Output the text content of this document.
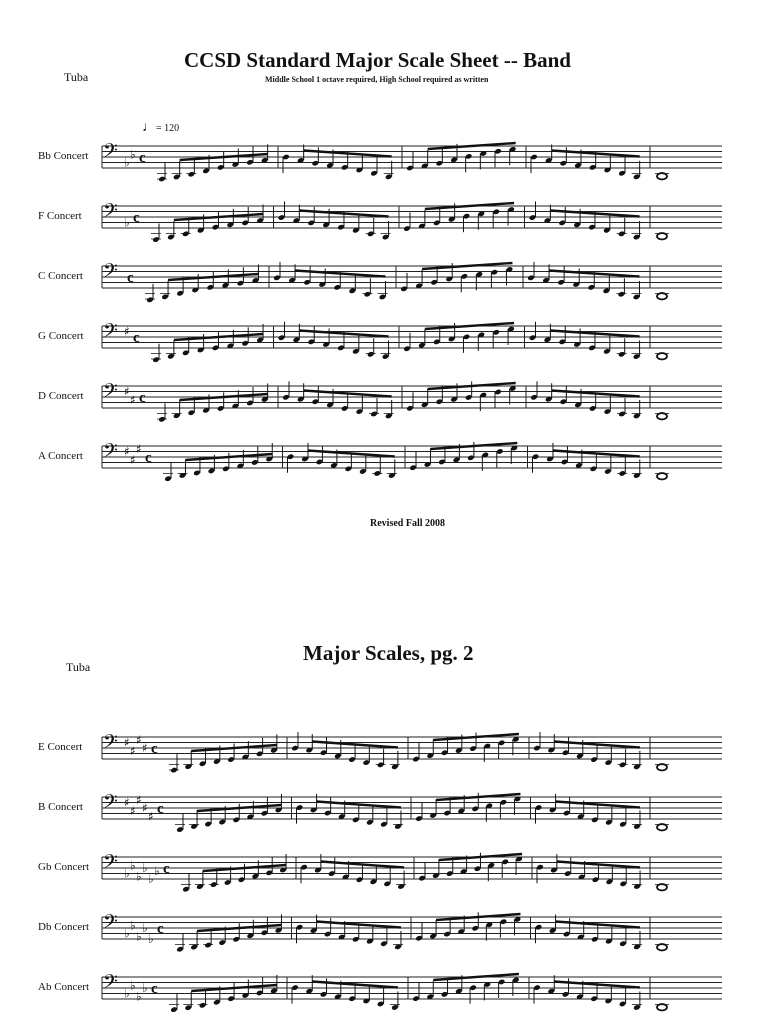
CCSD Standard Major Scale Sheet -- Band
Middle School 1 octave required, High School required as written
Tuba
♩= 120
Bb Concert 𝄢 ♭
♭ c
F Concert 𝄢 ♭ c
C Concert 𝄢 c
G Concert 𝄢 ♯ c
D Concert 𝄢 ♯
♯ c
A Concert 𝄢 ♯
♯
♯
c
Revised Fall 2008
Major Scales, pg. 2
Tuba
E Concert 𝄢 ♯
♯
♯
♯ c
B Concert 𝄢 ♯
♯
♯
♯
♯ c
Gb Concert 𝄢 ♭
♭
♭
♭
♭
♭ c
Db Concert 𝄢 ♭
♭
♭
♭
♭
c
Ab Concert 𝄢 ♭
♭
♭
♭ c
